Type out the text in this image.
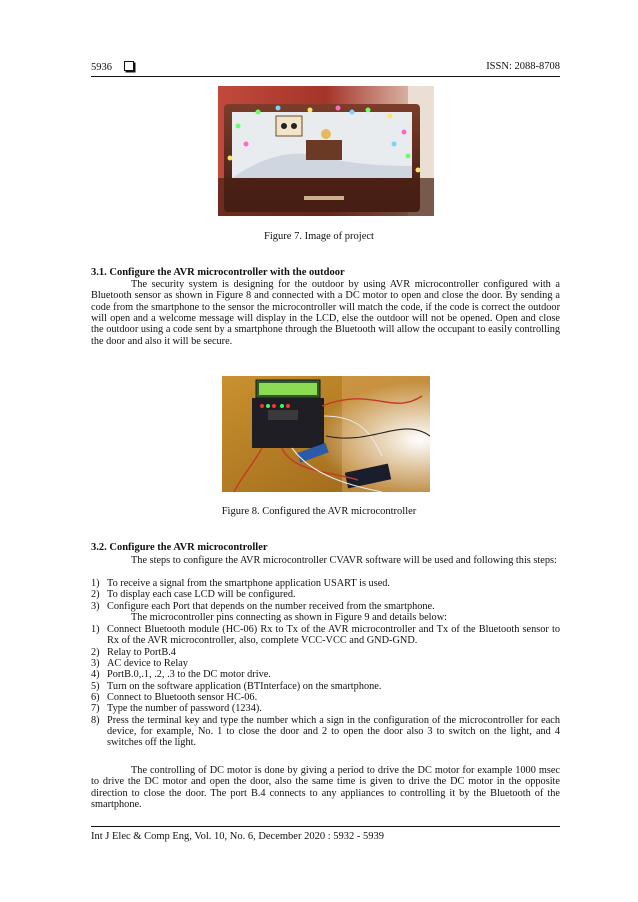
5936	ISSN: 2088-8708
Figure 7. Image of project
3.1. Configure the AVR microcontroller with the outdoor
The security system is designing for the outdoor by using AVR microcontroller configured with a Bluetooth sensor as shown in Figure 8 and connected with a DC motor to open and close the door. By sending a code from the smartphone to the sensor the microcontroller will match the code, if the code is correct the outdoor will open and a welcome message will display in the LCD, else the outdoor will not be opened. Open and close the outdoor using a code sent by a smartphone through the Bluetooth will allow the occupant to easily controlling the door and also it will be secure.
Figure 8. Configured the AVR microcontroller
3.2. Configure the AVR microcontroller
The steps to configure the AVR microcontroller CVAVR software will be used and following this steps:
1) To receive a signal from the smartphone application USART is used.
2) To display each case LCD will be configured.
3) Configure each Port that depends on the number received from the smartphone.
The microcontroller pins connecting as shown in Figure 9 and details below:
1) Connect Bluetooth module (HC-06) Rx to Tx of the AVR microcontroller and Tx of the Bluetooth sensor to Rx of the AVR microcontroller, also, complete VCC-VCC and GND-GND.
2) Relay to PortB.4
3) AC device to Relay
4) PortB.0,.1, .2, .3 to the DC motor drive.
5) Turn on the software application (BTInterface) on the smartphone.
6) Connect to Bluetooth sensor HC-06.
7) Type the number of password (1234).
8) Press the terminal key and type the number which a sign in the configuration of the microcontroller for each device, for example, No. 1 to close the door and 2 to open the door also 3 to switch on the light, and 4 switches off the light.
The controlling of DC motor is done by giving a period to drive the DC motor for example 1000 msec to drive the DC motor and open the door, also the same time is given to drive the DC motor in the opposite direction to close the door. The port B.4 connects to any appliances to controlling it by the Bluetooth of the smartphone.
Int J Elec & Comp Eng, Vol. 10, No. 6, December 2020 : 5932 - 5939
